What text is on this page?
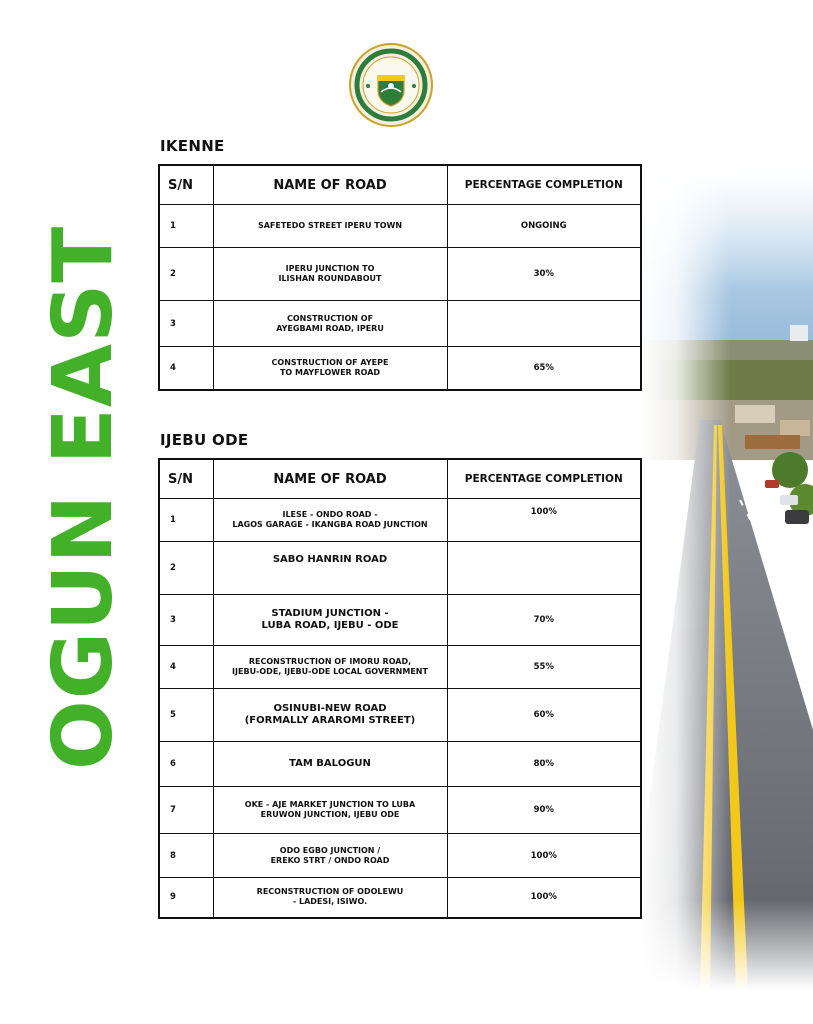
OGUN EAST
IKENNE
S/N	NAME OF ROAD	PERCENTAGE COMPLETION
1	SAFETEDO STREET IPERU TOWN	ONGOING
2	IPERU JUNCTION TO
ILISHAN ROUNDABOUT	30%
3	CONSTRUCTION OF
AYEGBAMI ROAD, IPERU	
4	CONSTRUCTION OF AYEPE
TO MAYFLOWER ROAD	65%
IJEBU ODE
S/N	NAME OF ROAD	PERCENTAGE COMPLETION
1	ILESE - ONDO ROAD -
LAGOS GARAGE - IKANGBA ROAD JUNCTION	100%
2	SABO HANRIN ROAD	
3	STADIUM JUNCTION -
LUBA ROAD, IJEBU - ODE	70%
4	RECONSTRUCTION OF IMORU ROAD,
IJEBU-ODE, IJEBU-ODE LOCAL GOVERNMENT	55%
5	OSINUBI-NEW ROAD
(FORMALLY ARAROMI STREET)	60%
6	TAM BALOGUN	80%
7	OKE - AJE MARKET JUNCTION TO LUBA
ERUWON JUNCTION, IJEBU ODE	90%
8	ODO EGBO JUNCTION /
EREKO STRT / ONDO ROAD	100%
9	RECONSTRUCTION OF ODOLEWU
- LADESI, ISIWO.	100%
